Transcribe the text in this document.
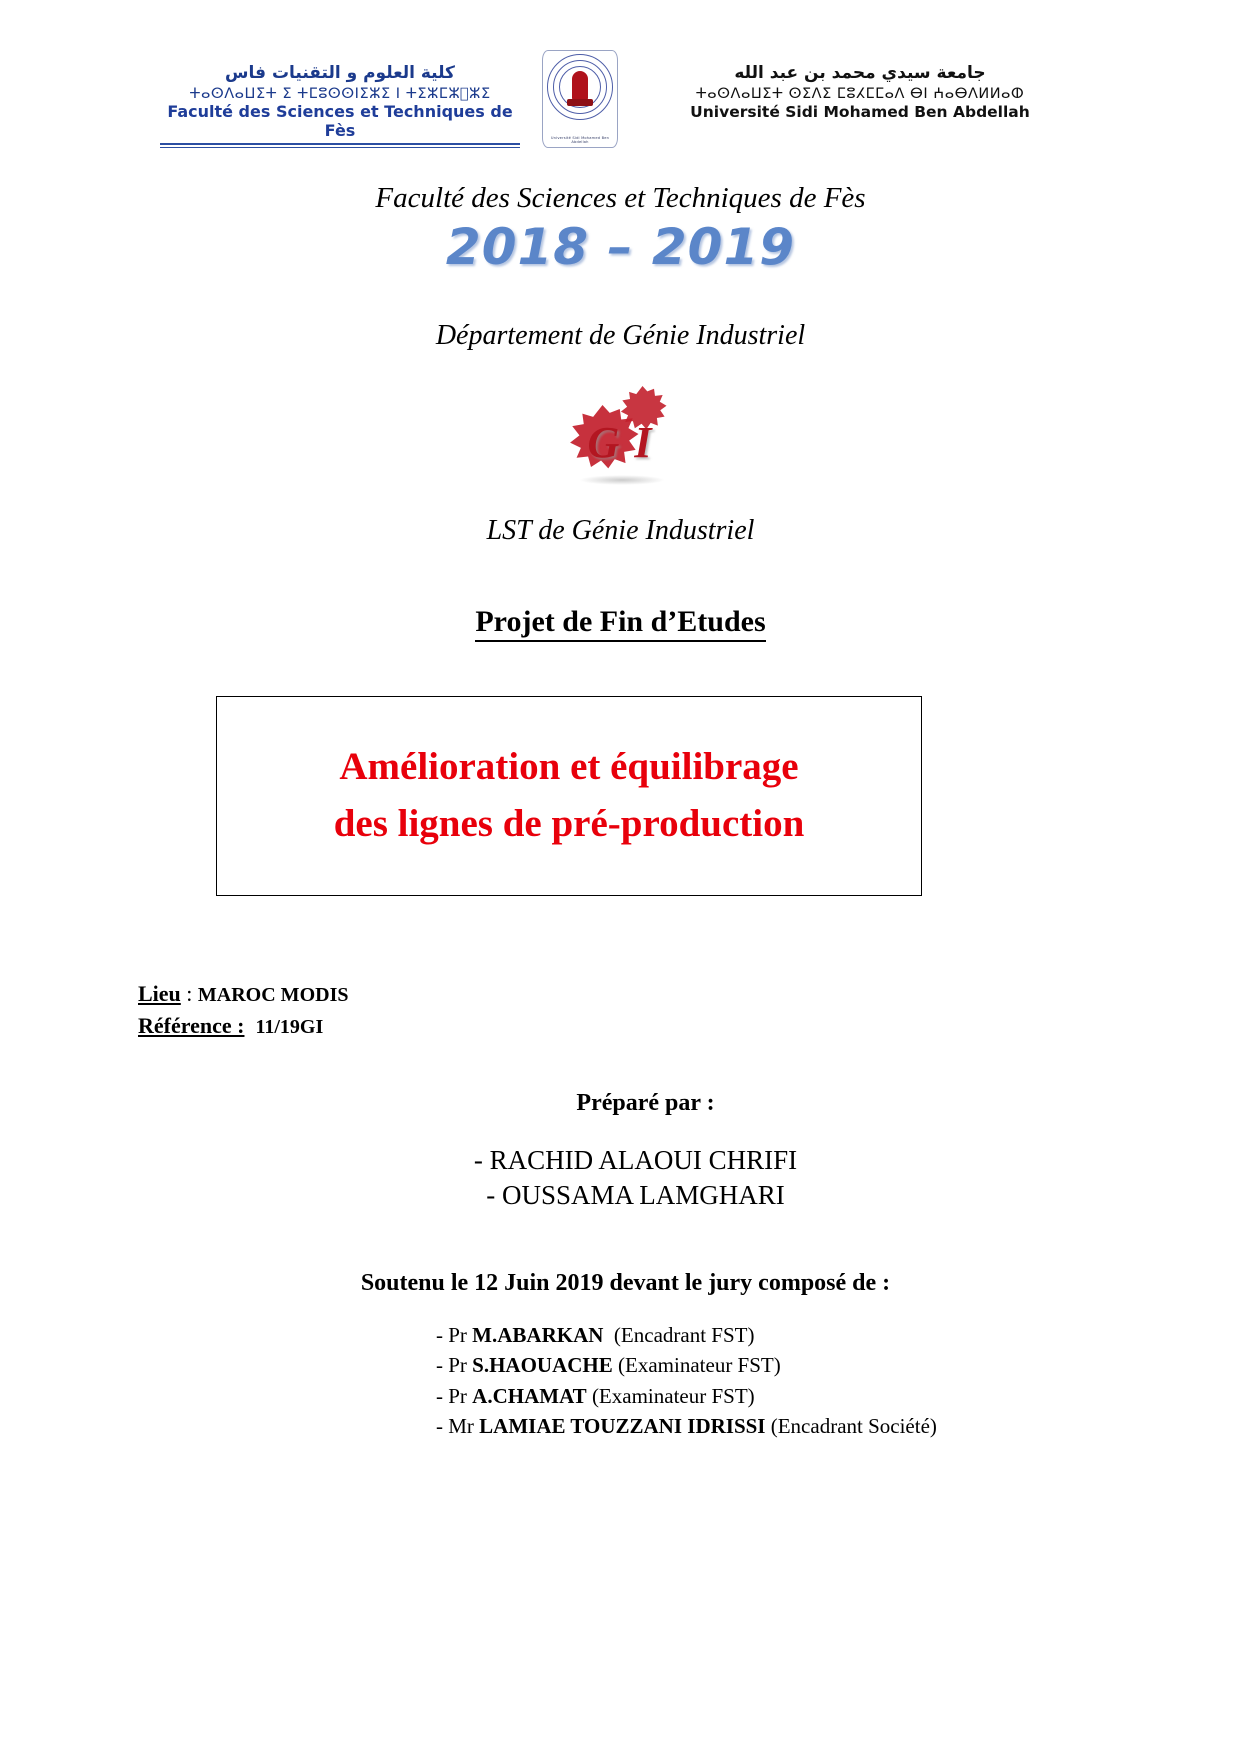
كلية العلوم و التقنيات فاس
ⵜⴰⵙⴷⴰⵡⵉⵜ ⵉ ⵜⵎⵓⵙⵙⵏⵉⵣⵉ ⵏ ⵜⵉⵣⵎⵣ⵿ⵣⵉ
Faculté des Sciences et Techniques de Fès	Université Sidi Mohamed Ben Abdellah
جامعة سيدي محمد بن عبد الله
ⵜⴰⵙⴷⴰⵡⵉⵜ ⵙⵉⴷⵉ ⵎⵓⵃⵎⵎⴰⴷ ⴱⵏ ⵄⴰⴱⴷⵍⵍⴰⵀ
Université Sidi Mohamed Ben Abdellah
Faculté des Sciences et Techniques de Fès
2018 – 2019
Département de Génie Industriel
G I
LST de Génie Industriel
Projet de Fin d’Etudes
Amélioration et équilibrage
des lignes de pré-production
Lieu : MAROC MODIS
Référence : 11/19GI
Préparé par :
- RACHID ALAOUI CHRIFI
- OUSSAMA LAMGHARI
Soutenu le 12 Juin 2019 devant le jury composé de :
- Pr M.ABARKAN (Encadrant FST)
- Pr S.HAOUACHE (Examinateur FST)
- Pr A.CHAMAT (Examinateur FST)
- Mr LAMIAE TOUZZANI IDRISSI (Encadrant Société)
